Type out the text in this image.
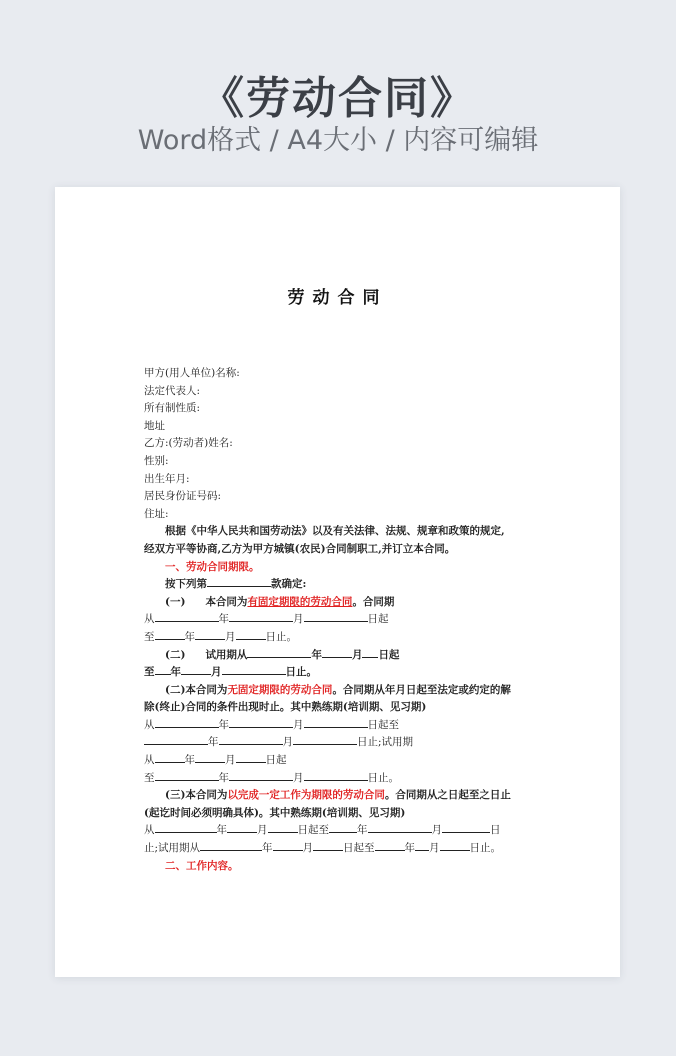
《劳动合同》
Word格式 / A4大小 / 内容可编辑
劳动合同
甲方(用人单位)名称:
法定代表人:
所有制性质:
地址
乙方:(劳动者)姓名:
性别:
出生年月:
居民身份证号码:
住址:
根据《中华人民共和国劳动法》以及有关法律、法规、规章和政策的规定,
经双方平等协商,乙方为甲方城镇(农民)合同制职工,并订立本合同。
一、劳动合同期限。
按下列第	款确定:
(一) 本合同为有固定期限的劳动合同。合同期
从	年	月	日起
至	年	月	日止。
(二) 试用期从	年	月 日起
至 年	月	日止。
(二)本合同为无固定期限的劳动合同。合同期从年月日起至法定或约定的解
除(终止)合同的条件出现时止。其中熟练期(培训期、见习期)
从	年	月	日起至
年	月	日止;试用期
从	年	月	日起
至	年	月	日止。
(三)本合同为以完成一定工作为期限的劳动合同。合同期从之日起至之日止
(起讫时间必须明确具体)。其中熟练期(培训期、见习期)
从	年	月	日起至	年	月	日
止;试用期从	年	月	日起至	年 月	日止。
二、工作内容。
